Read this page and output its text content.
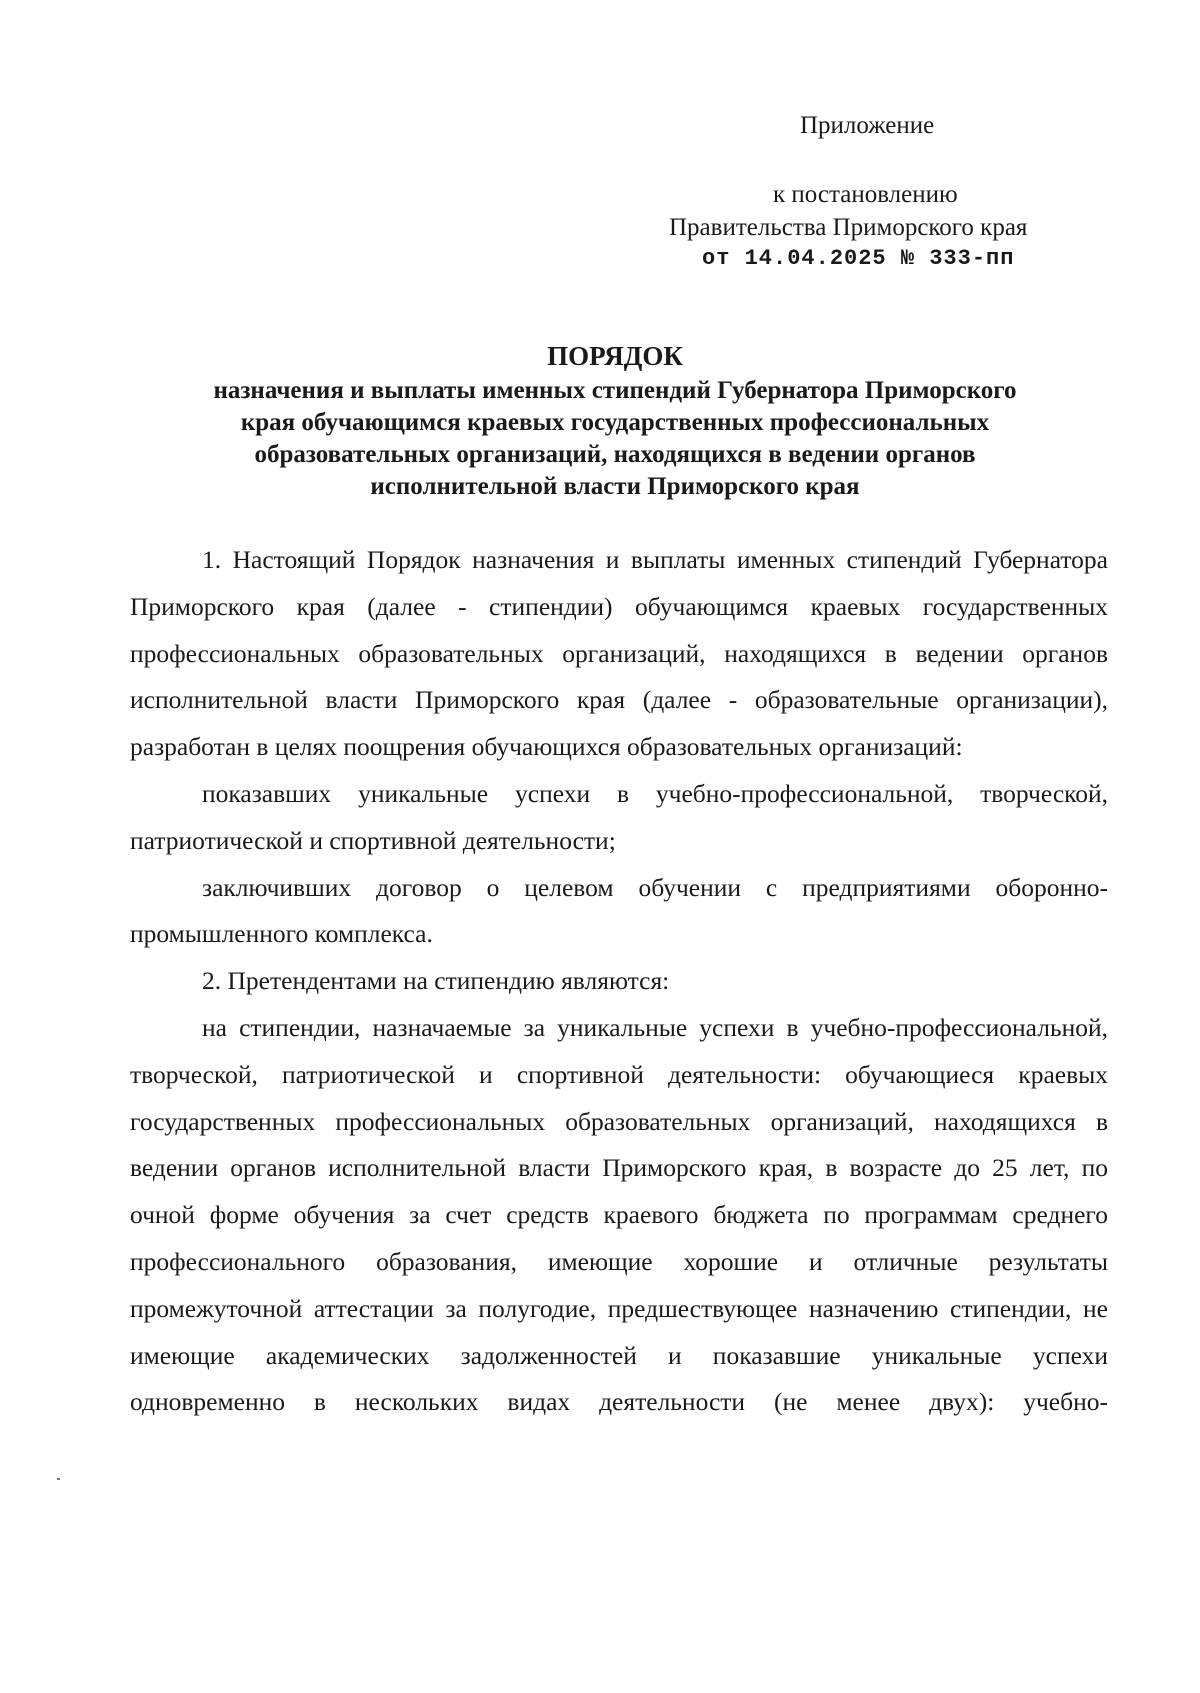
Приложение
к постановлению
Правительства Приморского края
от 14.04.2025 № 333-пп
ПОРЯДОК
назначения и выплаты именных стипендий Губернатора Приморского
края обучающимся краевых государственных профессиональных
образовательных организаций, находящихся в ведении органов
исполнительной власти Приморского края

1. Настоящий Порядок назначения и выплаты именных стипендий Губернатора Приморского края (далее - стипендии) обучающимся краевых государственных профессиональных образовательных организаций, находящихся в ведении органов исполнительной власти Приморского края (далее - образовательные организации), разработан в целях поощрения обучающихся образовательных организаций:

показавших уникальные успехи в учебно-профессиональной, творческой, патриотической и спортивной деятельности;

заключивших договор о целевом обучении с предприятиями оборонно-промышленного комплекса.

2. Претендентами на стипендию являются:

на стипендии, назначаемые за уникальные успехи в учебно-профессиональной, творческой, патриотической и спортивной деятельности: обучающиеся краевых государственных профессиональных образовательных организаций, находящихся в ведении органов исполнительной власти Приморского края, в возрасте до 25 лет, по очной форме обучения за счет средств краевого бюджета по программам среднего профессионального образования, имеющие хорошие и отличные результаты промежуточной аттестации за полугодие, предшествующее назначению стипендии, не имеющие академических задолженностей и показавшие уникальные успехи одновременно в нескольких видах деятельности (не менее двух): учебно-
